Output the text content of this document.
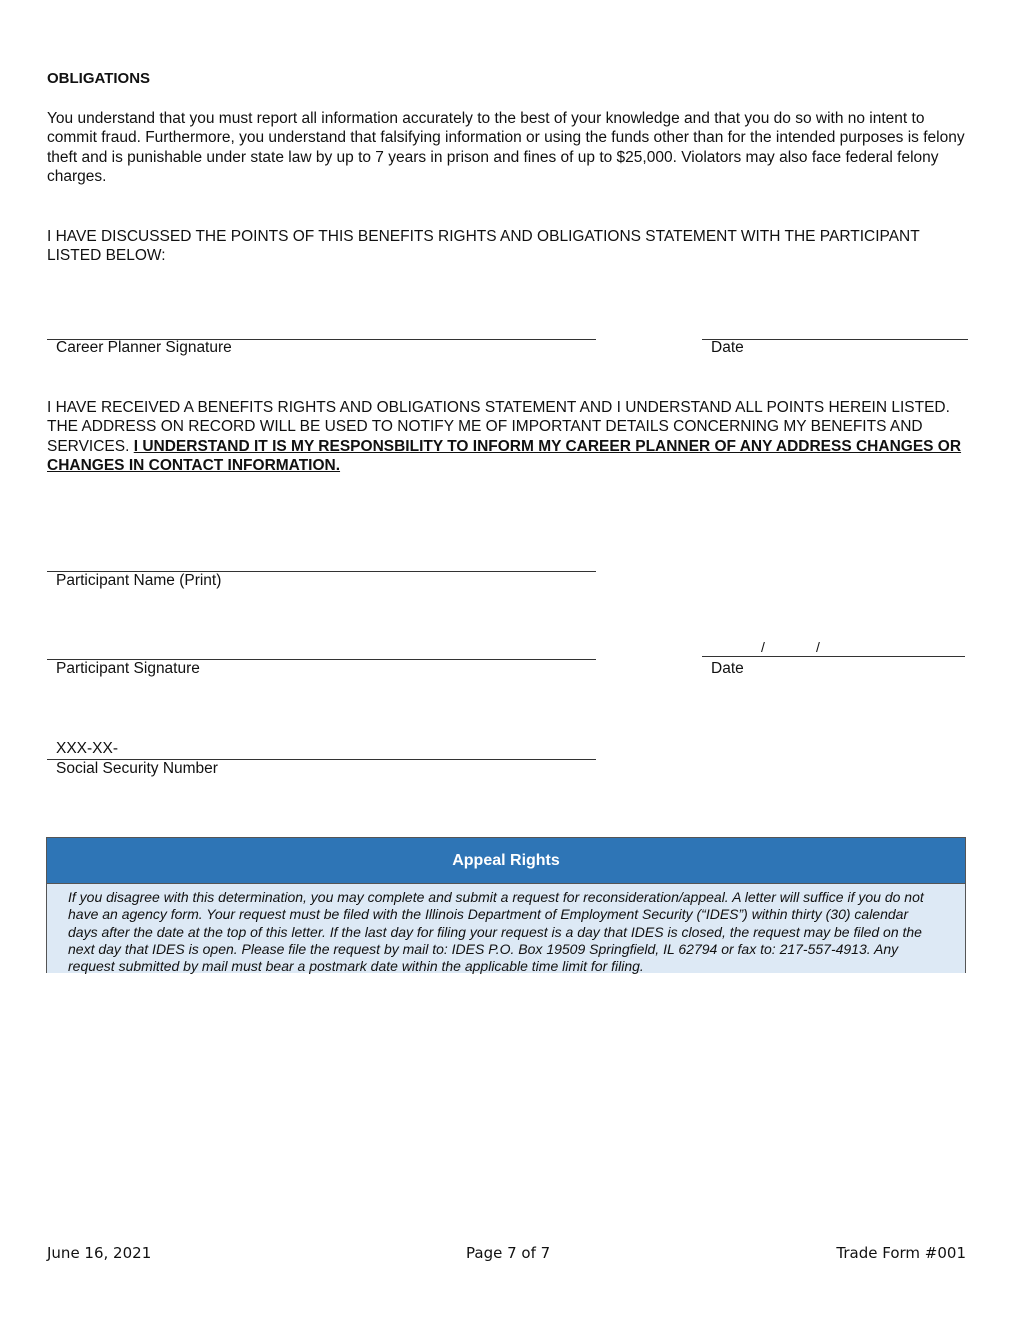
OBLIGATIONS
You understand that you must report all information accurately to the best of your knowledge and that you do so with no intent to commit fraud. Furthermore, you understand that falsifying information or using the funds other than for the intended purposes is felony theft and is punishable under state law by up to 7 years in prison and fines of up to $25,000. Violators may also face federal felony charges.
I HAVE DISCUSSED THE POINTS OF THIS BENEFITS RIGHTS AND OBLIGATIONS STATEMENT WITH THE PARTICIPANT LISTED BELOW:
Career Planner Signature	Date
I HAVE RECEIVED A BENEFITS RIGHTS AND OBLIGATIONS STATEMENT AND I UNDERSTAND ALL POINTS HEREIN LISTED. THE ADDRESS ON RECORD WILL BE USED TO NOTIFY ME OF IMPORTANT DETAILS CONCERNING MY BENEFITS AND SERVICES. I UNDERSTAND IT IS MY RESPONSBILITY TO INFORM MY CAREER PLANNER OF ANY ADDRESS CHANGES OR CHANGES IN CONTACT INFORMATION.
Participant Name (Print)
Participant Signature
/	/
Date
XXX-XX-
Social Security Number
Appeal Rights
If you disagree with this determination, you may complete and submit a request for reconsideration/appeal. A letter will suffice if you do not have an agency form. Your request must be filed with the Illinois Department of Employment Security (“IDES”) within thirty (30) calendar days after the date at the top of this letter. If the last day for filing your request is a day that IDES is closed, the request may be filed on the next day that IDES is open. Please file the request by mail to: IDES P.O. Box 19509 Springfield, IL 62794 or fax to: 217-557-4913. Any request submitted by mail must bear a postmark date within the applicable time limit for filing.
June 16, 2021	Page 7 of 7	Trade Form #001
